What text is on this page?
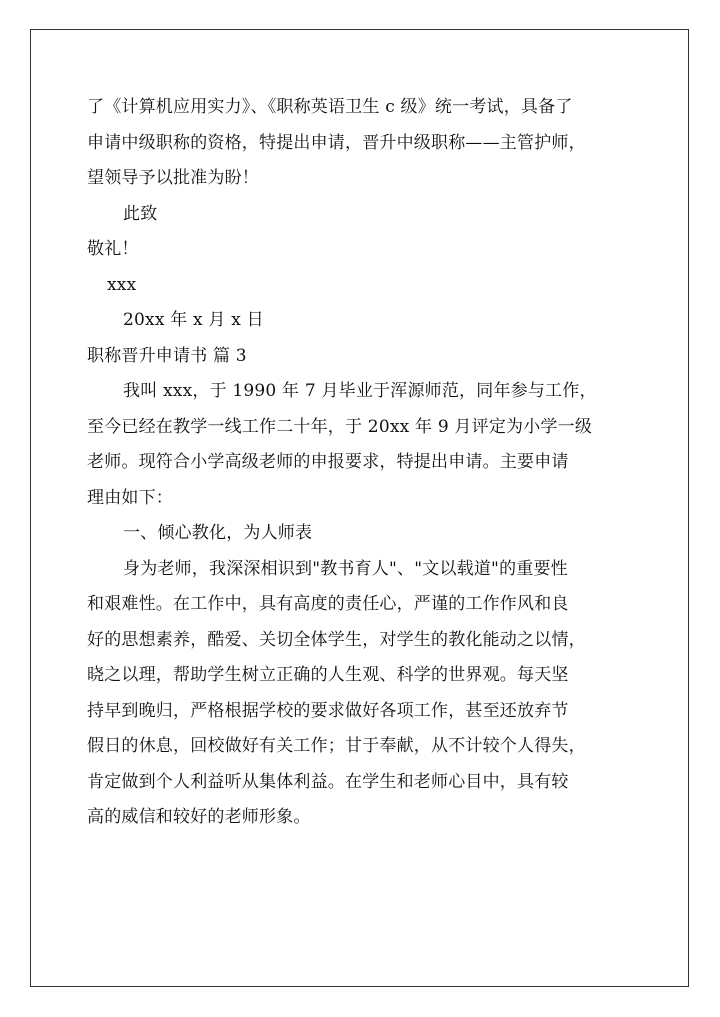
了《计算机应用实力》、《职称英语卫生 c 级》统一考试，具备了
申请中级职称的资格，特提出申请，晋升中级职称——主管护师，
望领导予以批准为盼！
此致
敬礼！
xxx
20xx 年 x 月 x 日
职称晋升申请书 篇 3
我叫 xxx，于 1990 年 7 月毕业于浑源师范，同年参与工作，
至今已经在教学一线工作二十年，于 20xx 年 9 月评定为小学一级
老师。现符合小学高级老师的申报要求，特提出申请。主要申请
理由如下：
一、倾心教化，为人师表
身为老师，我深深相识到"教书育人"、"文以载道"的重要性
和艰难性。在工作中，具有高度的责任心，严谨的工作作风和良
好的思想素养，酷爱、关切全体学生，对学生的教化能动之以情，
晓之以理，帮助学生树立正确的人生观、科学的世界观。每天坚
持早到晚归，严格根据学校的要求做好各项工作，甚至还放弃节
假日的休息，回校做好有关工作；甘于奉献，从不计较个人得失，
肯定做到个人利益听从集体利益。在学生和老师心目中，具有较
高的威信和较好的老师形象。
